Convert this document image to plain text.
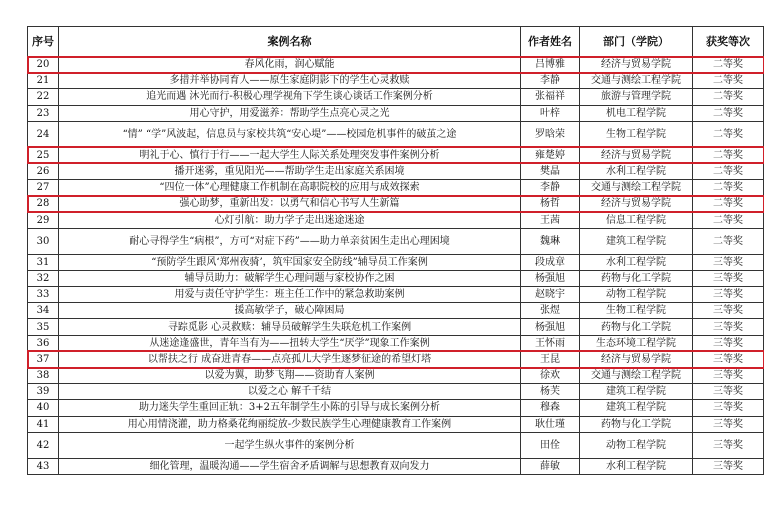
序号	案例名称	作者姓名	部门（学院）	获奖等次
20	春风化雨，润心赋能	吕博雅	经济与贸易学院	二等奖
21	多措并举协同育人——原生家庭阴影下的学生心灵救赎	李静	交通与测绘工程学院	二等奖
22	追光而遇 沐光而行-积极心理学视角下学生谈心谈话工作案例分析	张福祥	旅游与管理学院	二等奖
23	用心守护，用爱滋养：帮助学生点亮心灵之光	叶梓	机电工程学院	二等奖
24	“情” “学”风波起，信息员与家校共筑“安心堤”——校园危机事件的破茧之途	罗晗荣	生物工程学院	二等奖
25	明礼于心、慎行于行——一起大学生人际关系处理突发事件案例分析	雍楚婷	经济与贸易学院	二等奖
26	播开迷雾，重见阳光——帮助学生走出家庭关系困境	樊晶	水利工程学院	二等奖
27	“四位一体”心理健康工作机制在高职院校的应用与成效探索	李静	交通与测绘工程学院	二等奖
28	强心助梦，重新出发：以勇气和信心书写人生新篇	杨哲	经济与贸易学院	二等奖
29	心灯引航：助力学子走出迷途迷途	王茜	信息工程学院	二等奖
30	耐心寻得学生“病根”，方可“对症下药”——助力单亲贫困生走出心理困境	魏琳	建筑工程学院	二等奖
31	“预防学生跟风‘郑州夜骑’，筑牢国家安全防线”辅导员工作案例	段成章	水利工程学院	三等奖
32	辅导员助力：破解学生心理问题与家校协作之困	杨强旭	药物与化工学院	三等奖
33	用爱与责任守护学生：班主任工作中的紧急救助案例	赵晓宇	动物工程学院	三等奖
34	援高敏学子，破心障困局	张煜	生物工程学院	三等奖
35	寻踪觅影 心灵救赎：辅导员破解学生失联危机工作案例	杨强旭	药物与化工学院	三等奖
36	从迷途逢盛世，青年当有为——扭转大学生“厌学”现象工作案例	王怀雨	生态环境工程学院	三等奖
37	以帮扶之行 成奋进青春——点亮孤儿大学生逐梦征途的希望灯塔	王昆	经济与贸易学院	三等奖
38	以爱为翼，助梦飞翔——资助育人案例	徐欢	交通与测绘工程学院	三等奖
39	以爱之心 解千千结	杨芙	建筑工程学院	三等奖
40	助力迷失学生重回正轨：3+2五年制学生小陈的引导与成长案例分析	穆森	建筑工程学院	三等奖
41	用心用情浇灌，助力格桑花绚丽绽放-少数民族学生心理健康教育工作案例	耿仕瑾	药物与化工学院	三等奖
42	一起学生纵火事件的案例分析	田佺	动物工程学院	三等奖
43	细化管理，温暖沟通——学生宿舍矛盾调解与思想教育双向发力	薛敏	水利工程学院	三等奖
